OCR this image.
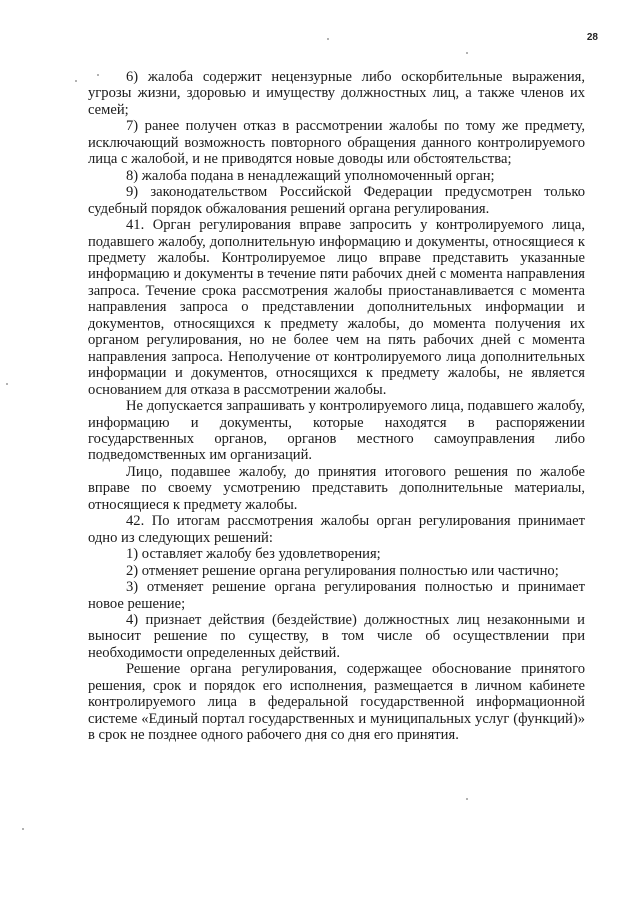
28

6) жалоба содержит нецензурные либо оскорбительные выражения, угрозы жизни, здоровью и имуществу должностных лиц, а также членов их семей;

7) ранее получен отказ в рассмотрении жалобы по тому же предмету, исключающий возможность повторного обращения данного контролируемого лица с жалобой, и не приводятся новые доводы или обстоятельства;

8) жалоба подана в ненадлежащий уполномоченный орган;

9) законодательством Российской Федерации предусмотрен только судебный порядок обжалования решений органа регулирования.

41. Орган регулирования вправе запросить у контролируемого лица, подавшего жалобу, дополнительную информацию и документы, относящиеся к предмету жалобы. Контролируемое лицо вправе представить указанные информацию и документы в течение пяти рабочих дней с момента направления запроса. Течение срока рассмотрения жалобы приостанавливается с момента направления запроса о представлении дополнительных информации и документов, относящихся к предмету жалобы, до момента получения их органом регулирования, но не более чем на пять рабочих дней с момента направления запроса. Неполучение от контролируемого лица дополнительных информации и документов, относящихся к предмету жалобы, не является основанием для отказа в рассмотрении жалобы.

Не допускается запрашивать у контролируемого лица, подавшего жалобу, информацию и документы, которые находятся в распоряжении государственных органов, органов местного самоуправления либо подведомственных им организаций.

Лицо, подавшее жалобу, до принятия итогового решения по жалобе вправе по своему усмотрению представить дополнительные материалы, относящиеся к предмету жалобы.

42. По итогам рассмотрения жалобы орган регулирования принимает одно из следующих решений:

1) оставляет жалобу без удовлетворения;

2) отменяет решение органа регулирования полностью или частично;

3) отменяет решение органа регулирования полностью и принимает новое решение;

4) признает действия (бездействие) должностных лиц незаконными и выносит решение по существу, в том числе об осуществлении при необходимости определенных действий.

Решение органа регулирования, содержащее обоснование принятого решения, срок и порядок его исполнения, размещается в личном кабинете контролируемого лица в федеральной государственной информационной системе «Единый портал государственных и муниципальных услуг (функций)» в срок не позднее одного рабочего дня со дня его принятия.
